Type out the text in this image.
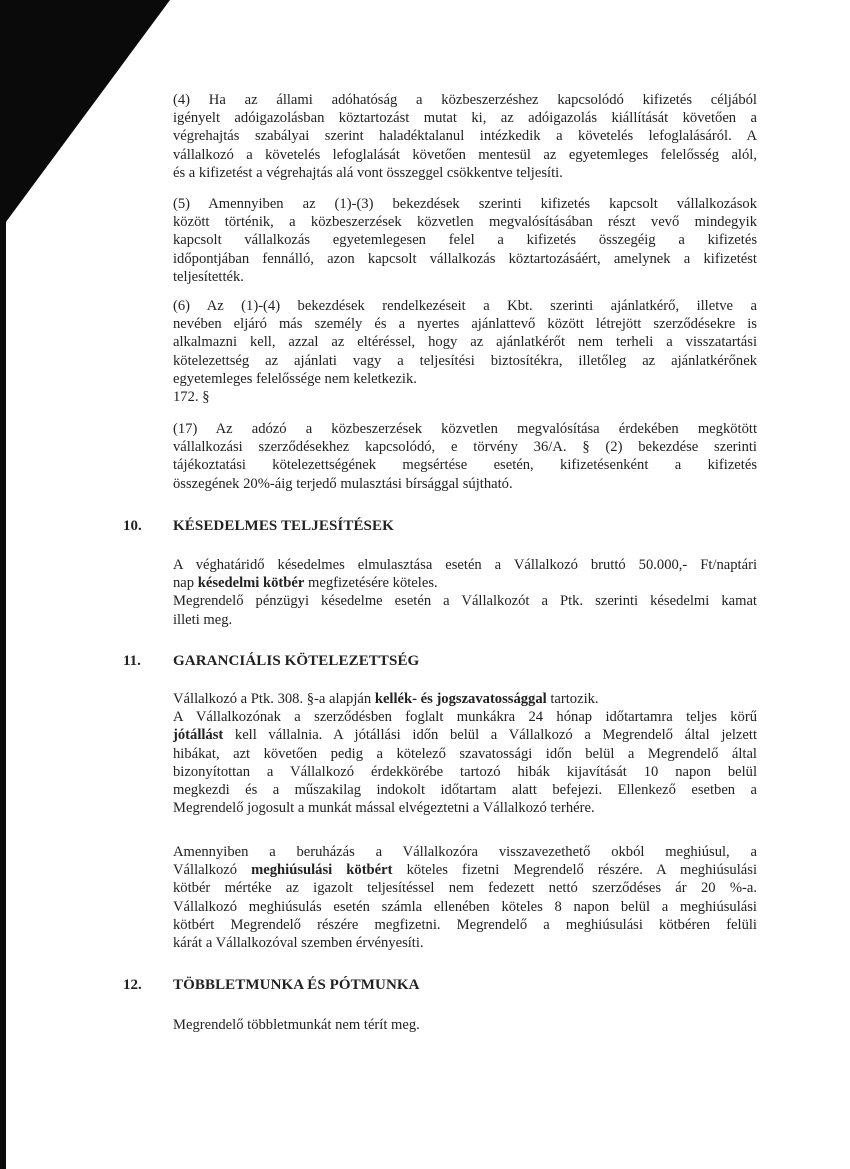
(4) Ha az állami adóhatóság a közbeszerzéshez kapcsolódó kifizetés céljából
igényelt adóigazolásban köztartozást mutat ki, az adóigazolás kiállítását követően a
végrehajtás szabályai szerint haladéktalanul intézkedik a követelés lefoglalásáról. A
vállalkozó a követelés lefoglalását követően mentesül az egyetemleges felelősség alól,
és a kifizetést a végrehajtás alá vont összeggel csökkentve teljesíti.
(5) Amennyiben az (1)-(3) bekezdések szerinti kifizetés kapcsolt vállalkozások
között történik, a közbeszerzések közvetlen megvalósításában részt vevő mindegyik
kapcsolt vállalkozás egyetemlegesen felel a kifizetés összegéig a kifizetés
időpontjában fennálló, azon kapcsolt vállalkozás köztartozásáért, amelynek a kifizetést
teljesítették.
(6) Az (1)-(4) bekezdések rendelkezéseit a Kbt. szerinti ajánlatkérő, illetve a
nevében eljáró más személy és a nyertes ajánlattevő között létrejött szerződésekre is
alkalmazni kell, azzal az eltéréssel, hogy az ajánlatkérőt nem terheli a visszatartási
kötelezettség az ajánlati vagy a teljesítési biztosítékra, illetőleg az ajánlatkérőnek
egyetemleges felelőssége nem keletkezik.
172. §
(17) Az adózó a közbeszerzések közvetlen megvalósítása érdekében megkötött
vállalkozási szerződésekhez kapcsolódó, e törvény 36/A. § (2) bekezdése szerinti
tájékoztatási kötelezettségének megsértése esetén, kifizetésenként a kifizetés
összegének 20%-áig terjedő mulasztási bírsággal sújtható.
10. KÉSEDELMES TELJESÍTÉSEK
A véghatáridő késedelmes elmulasztása esetén a Vállalkozó bruttó 50.000,- Ft/naptári
nap késedelmi kötbér megfizetésére köteles.
Megrendelő pénzügyi késedelme esetén a Vállalkozót a Ptk. szerinti késedelmi kamat
illeti meg.
11. GARANCIÁLIS KÖTELEZETTSÉG
Vállalkozó a Ptk. 308. §-a alapján kellék- és jogszavatossággal tartozik.
A Vállalkozónak a szerződésben foglalt munkákra 24 hónap időtartamra teljes körű
jótállást kell vállalnia. A jótállási időn belül a Vállalkozó a Megrendelő által jelzett
hibákat, azt követően pedig a kötelező szavatossági időn belül a Megrendelő által
bizonyítottan a Vállalkozó érdekkörébe tartozó hibák kijavítását 10 napon belül
megkezdi és a műszakilag indokolt időtartam alatt befejezi. Ellenkező esetben a
Megrendelő jogosult a munkát mással elvégeztetni a Vállalkozó terhére.
Amennyiben a beruházás a Vállalkozóra visszavezethető okból meghiúsul, a
Vállalkozó meghiúsulási kötbért köteles fizetni Megrendelő részére. A meghiúsulási
kötbér mértéke az igazolt teljesítéssel nem fedezett nettó szerződéses ár 20 %-a.
Vállalkozó meghiúsulás esetén számla ellenében köteles 8 napon belül a meghiúsulási
kötbért Megrendelő részére megfizetni. Megrendelő a meghiúsulási kötbéren felüli
kárát a Vállalkozóval szemben érvényesíti.
12. TÖBBLETMUNKA ÉS PÓTMUNKA
Megrendelő többletmunkát nem térít meg.
